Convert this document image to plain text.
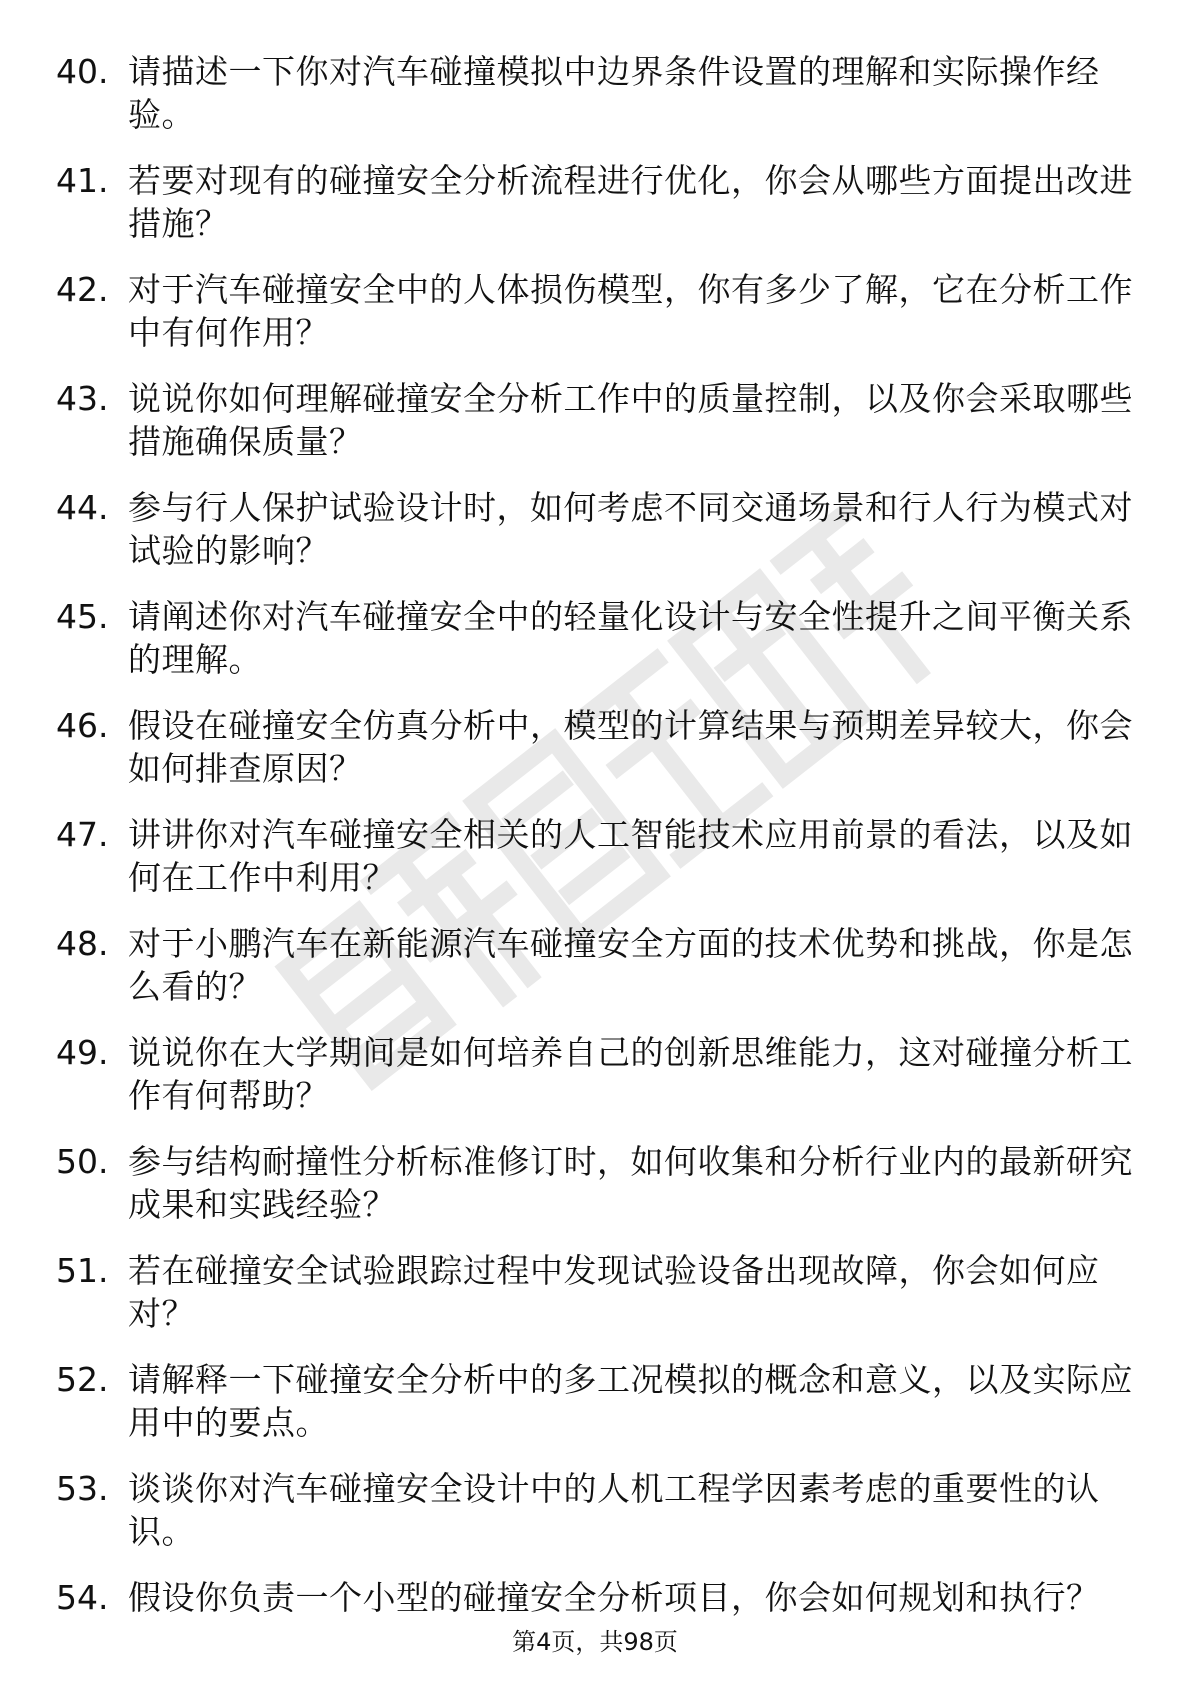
40. 请描述一下你对汽车碰撞模拟中边界条件设置的理解和实际操作经验。
41. 若要对现有的碰撞安全分析流程进行优化，你会从哪些方面提出改进措施？
42. 对于汽车碰撞安全中的人体损伤模型，你有多少了解，它在分析工作中有何作用？
43. 说说你如何理解碰撞安全分析工作中的质量控制，以及你会采取哪些措施确保质量？
44. 参与行人保护试验设计时，如何考虑不同交通场景和行人行为模式对试验的影响？
45. 请阐述你对汽车碰撞安全中的轻量化设计与安全性提升之间平衡关系的理解。
46. 假设在碰撞安全仿真分析中，模型的计算结果与预期差异较大，你会如何排查原因？
47. 讲讲你对汽车碰撞安全相关的人工智能技术应用前景的看法，以及如何在工作中利用？
48. 对于小鹏汽车在新能源汽车碰撞安全方面的技术优势和挑战，你是怎么看的？
49. 说说你在大学期间是如何培养自己的创新思维能力，这对碰撞分析工作有何帮助？
50. 参与结构耐撞性分析标准修订时，如何收集和分析行业内的最新研究成果和实践经验？
51. 若在碰撞安全试验跟踪过程中发现试验设备出现故障，你会如何应对？
52. 请解释一下碰撞安全分析中的多工况模拟的概念和意义，以及实际应用中的要点。
53. 谈谈你对汽车碰撞安全设计中的人机工程学因素考虑的重要性的认识。
54. 假设你负责一个小型的碰撞安全分析项目，你会如何规划和执行？
第4页，共98页
